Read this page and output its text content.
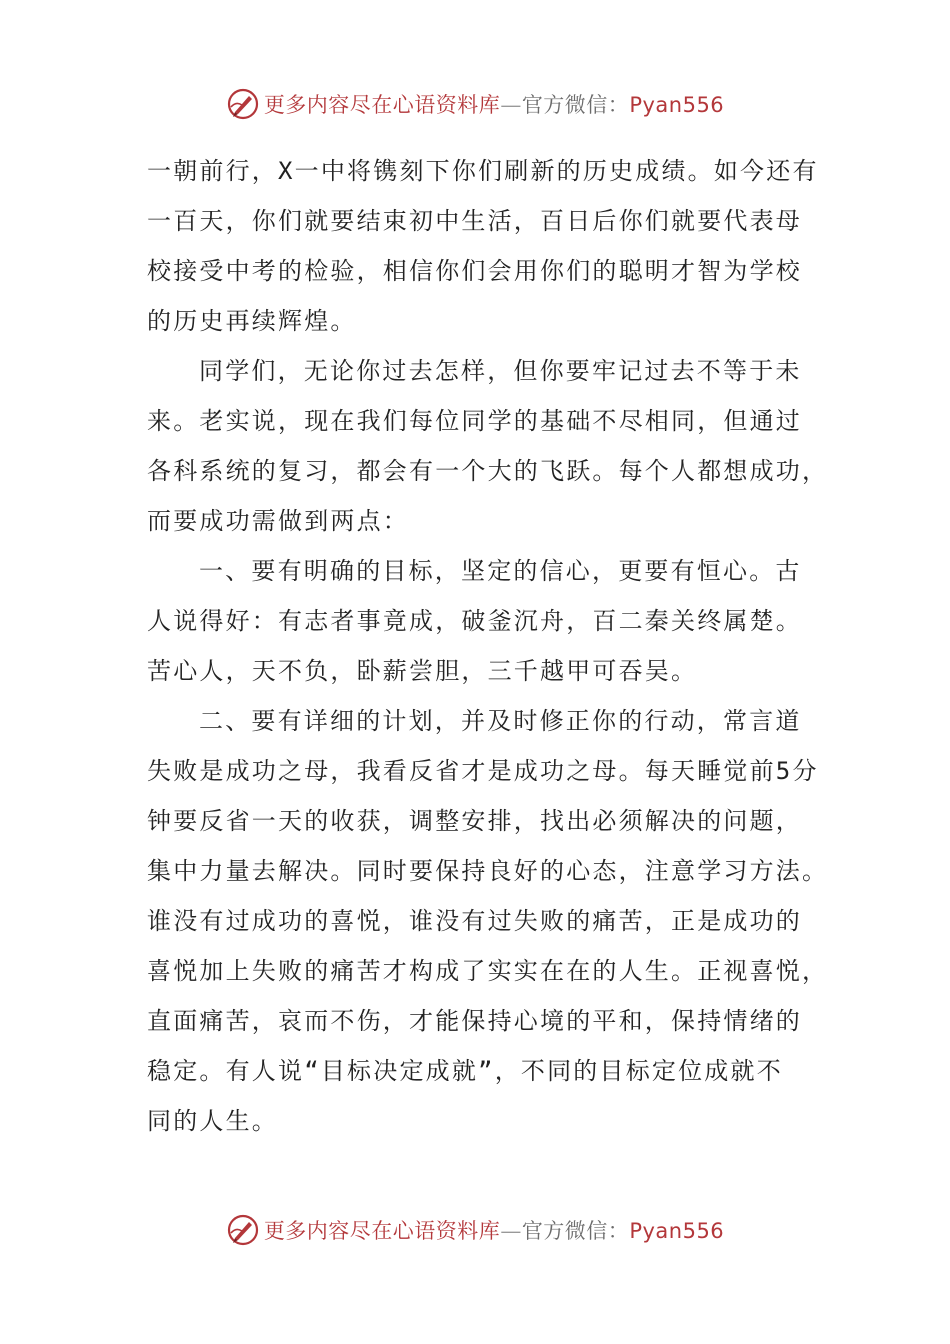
更多内容尽在心语资料库—官方微信：Pyan556
一朝前行，X一中将镌刻下你们刷新的历史成绩。如今还有
一百天，你们就要结束初中生活，百日后你们就要代表母
校接受中考的检验，相信你们会用你们的聪明才智为学校
的历史再续辉煌。
同学们，无论你过去怎样，但你要牢记过去不等于未
来。老实说，现在我们每位同学的基础不尽相同，但通过
各科系统的复习，都会有一个大的飞跃。每个人都想成功，
而要成功需做到两点：
一、要有明确的目标，坚定的信心，更要有恒心。古
人说得好：有志者事竟成，破釜沉舟，百二秦关终属楚。
苦心人，天不负，卧薪尝胆，三千越甲可吞吴。
二、要有详细的计划，并及时修正你的行动，常言道
失败是成功之母，我看反省才是成功之母。每天睡觉前5分
钟要反省一天的收获，调整安排，找出必须解决的问题，
集中力量去解决。同时要保持良好的心态，注意学习方法。
谁没有过成功的喜悦，谁没有过失败的痛苦，正是成功的
喜悦加上失败的痛苦才构成了实实在在的人生。正视喜悦，
直面痛苦，哀而不伤，才能保持心境的平和，保持情绪的
稳定。有人说“目标决定成就”，不同的目标定位成就不
同的人生。
更多内容尽在心语资料库—官方微信：Pyan556
